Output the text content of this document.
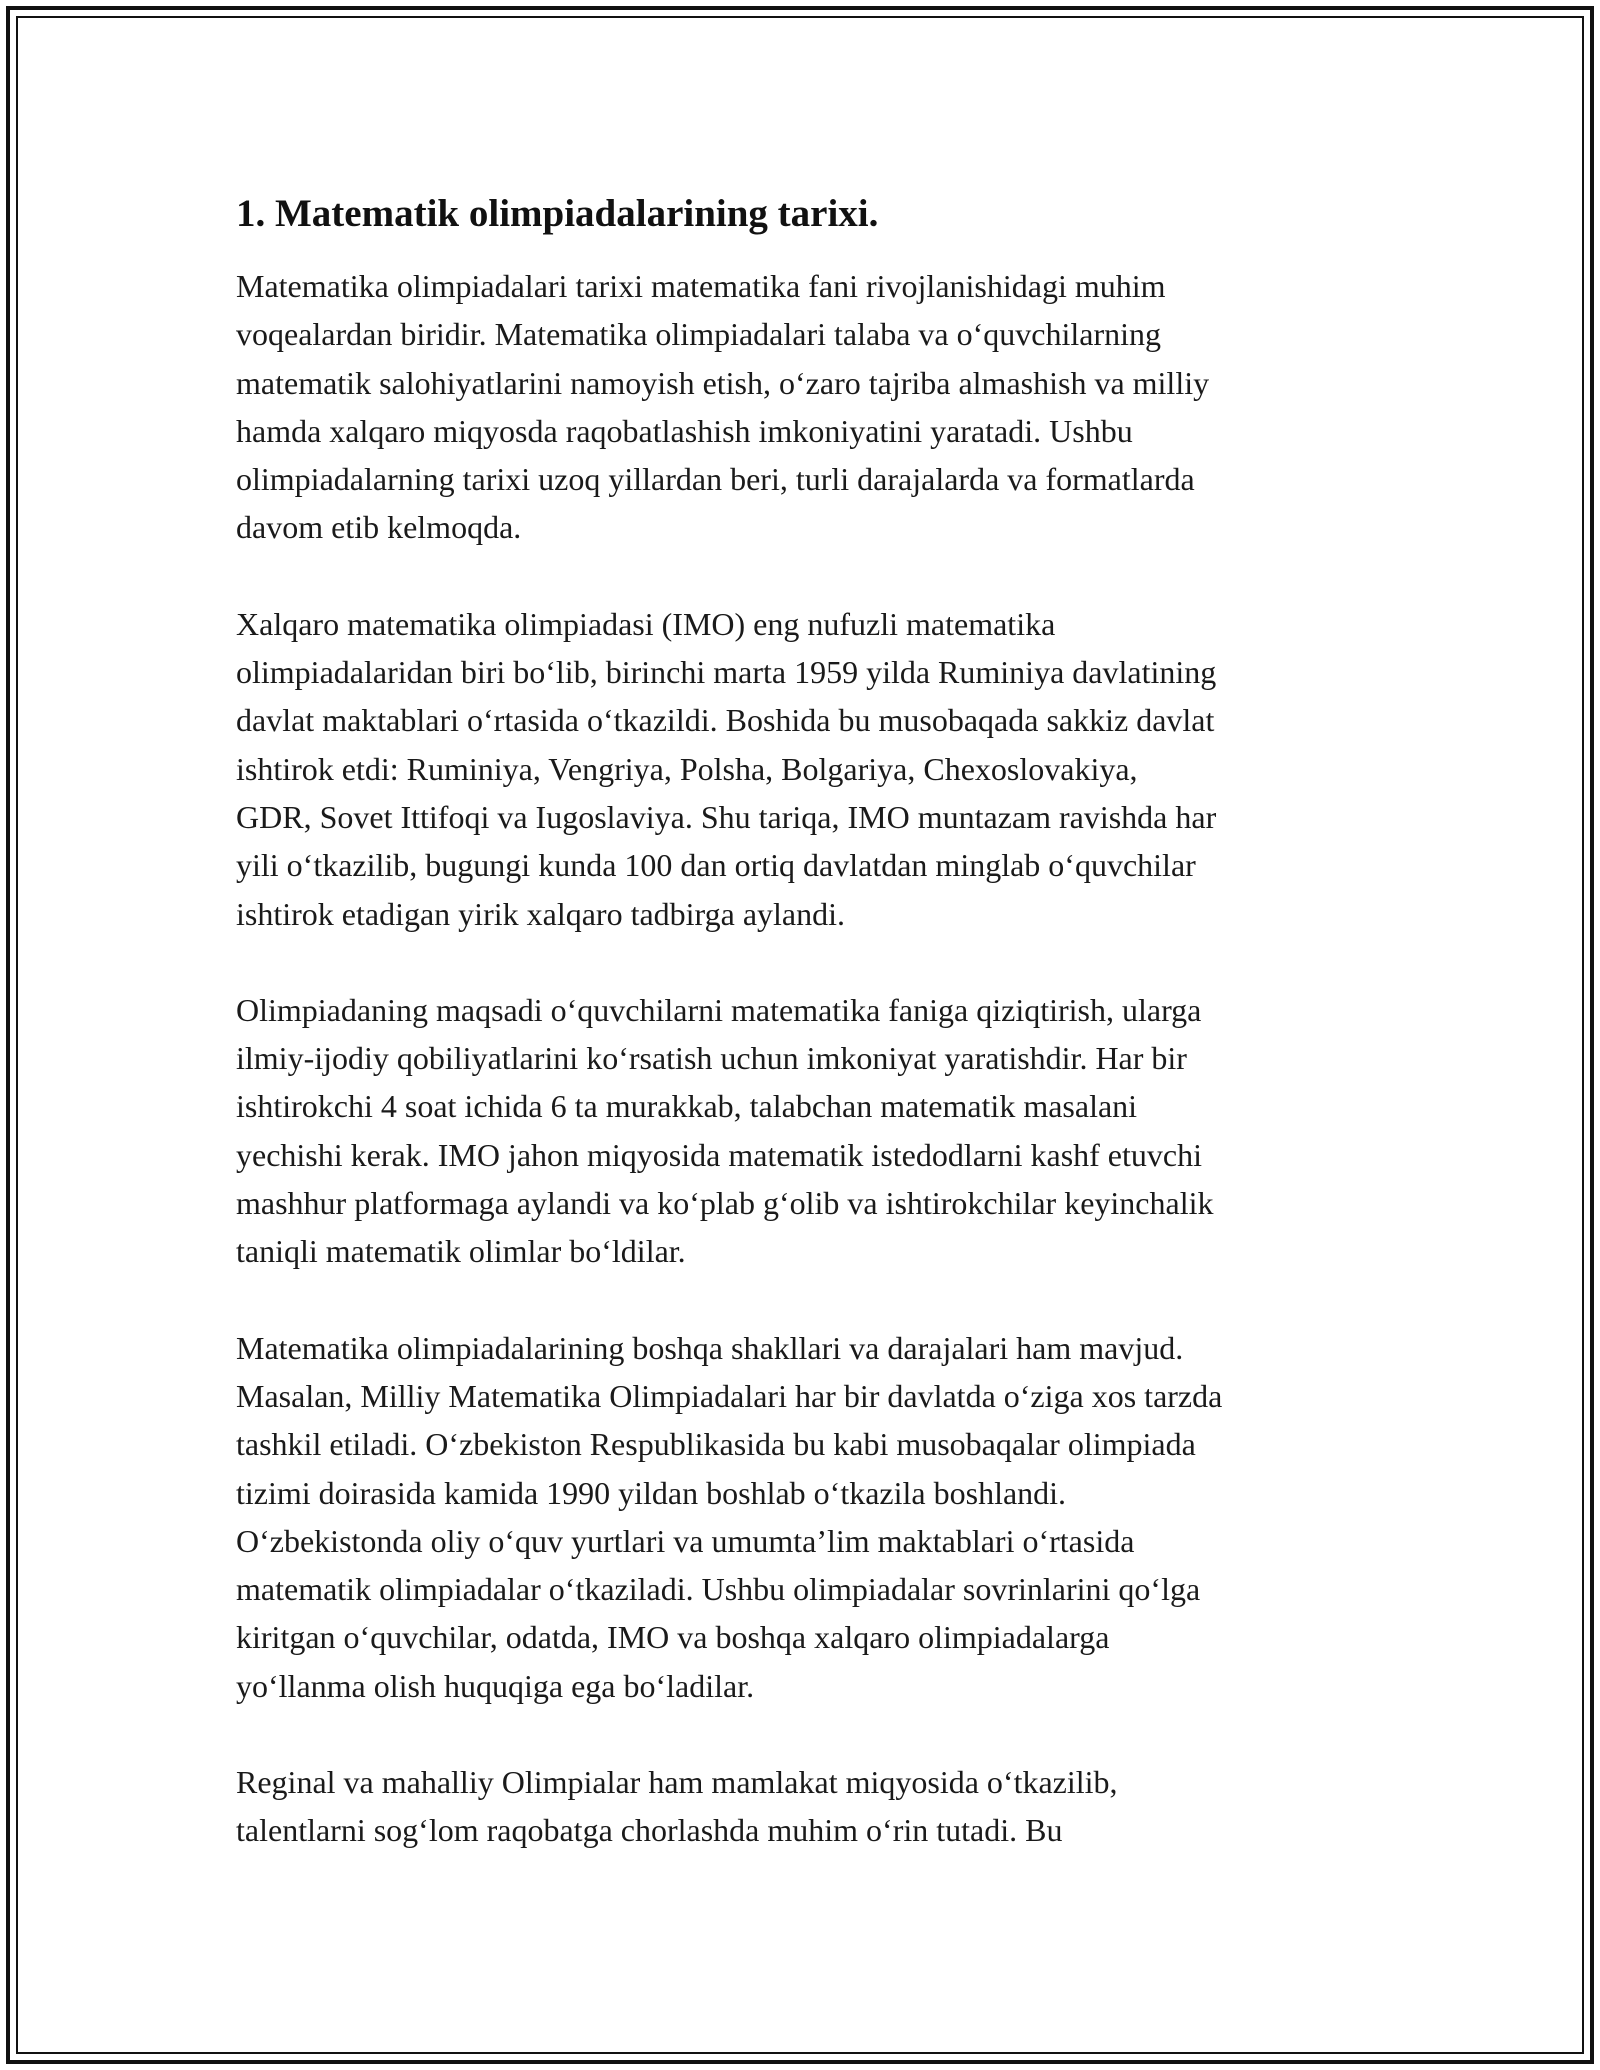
1. Matematik olimpiadalarining tarixi.

Matematika olimpiadalari tarixi matematika fani rivojlanishidagi muhim
voqealardan biridir. Matematika olimpiadalari talaba va o‘quvchilarning
matematik salohiyatlarini namoyish etish, o‘zaro tajriba almashish va milliy
hamda xalqaro miqyosda raqobatlashish imkoniyatini yaratadi. Ushbu
olimpiadalarning tarixi uzoq yillardan beri, turli darajalarda va formatlarda
davom etib kelmoqda.

Xalqaro matematika olimpiadasi (IMO) eng nufuzli matematika
olimpiadalaridan biri bo‘lib, birinchi marta 1959 yilda Ruminiya davlatining
davlat maktablari o‘rtasida o‘tkazildi. Boshida bu musobaqada sakkiz davlat
ishtirok etdi: Ruminiya, Vengriya, Polsha, Bolgariya, Chexoslovakiya,
GDR, Sovet Ittifoqi va Iugoslaviya. Shu tariqa, IMO muntazam ravishda har
yili o‘tkazilib, bugungi kunda 100 dan ortiq davlatdan minglab o‘quvchilar
ishtirok etadigan yirik xalqaro tadbirga aylandi.

Olimpiadaning maqsadi o‘quvchilarni matematika faniga qiziqtirish, ularga
ilmiy-ijodiy qobiliyatlarini ko‘rsatish uchun imkoniyat yaratishdir. Har bir
ishtirokchi 4 soat ichida 6 ta murakkab, talabchan matematik masalani
yechishi kerak. IMO jahon miqyosida matematik istedodlarni kashf etuvchi
mashhur platformaga aylandi va ko‘plab g‘olib va ishtirokchilar keyinchalik
taniqli matematik olimlar bo‘ldilar.

Matematika olimpiadalarining boshqa shakllari va darajalari ham mavjud.
Masalan, Milliy Matematika Olimpiadalari har bir davlatda o‘ziga xos tarzda
tashkil etiladi. O‘zbekiston Respublikasida bu kabi musobaqalar olimpiada
tizimi doirasida kamida 1990 yildan boshlab o‘tkazila boshlandi.
O‘zbekistonda oliy o‘quv yurtlari va umumta’lim maktablari o‘rtasida
matematik olimpiadalar o‘tkaziladi. Ushbu olimpiadalar sovrinlarini qo‘lga
kiritgan o‘quvchilar, odatda, IMO va boshqa xalqaro olimpiadalarga
yo‘llanma olish huquqiga ega bo‘ladilar.

Reginal va mahalliy Olimpialar ham mamlakat miqyosida o‘tkazilib,
talentlarni sog‘lom raqobatga chorlashda muhim o‘rin tutadi. Bu
